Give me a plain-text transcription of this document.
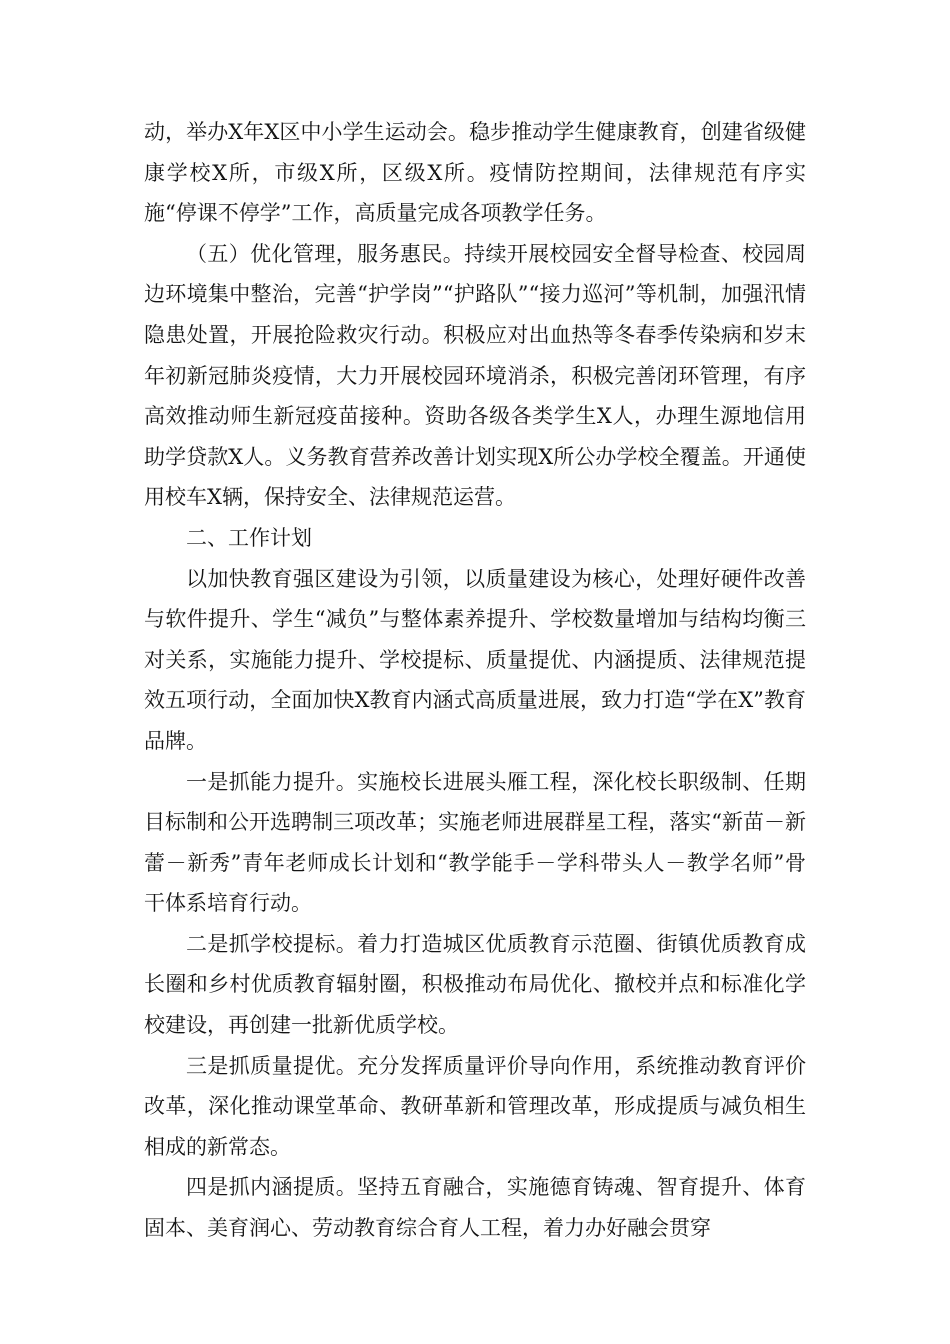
动，举办X年X区中小学生运动会。稳步推动学生健康教育，创建省级健康学校X所，市级X所，区级X所。疫情防控期间，法律规范有序实施“停课不停学”工作，高质量完成各项教学任务。

（五）优化管理，服务惠民。持续开展校园安全督导检查、校园周边环境集中整治，完善“护学岗”“护路队”“接力巡河”等机制，加强汛情隐患处置，开展抢险救灾行动。积极应对出血热等冬春季传染病和岁末年初新冠肺炎疫情，大力开展校园环境消杀，积极完善闭环管理，有序高效推动师生新冠疫苗接种。资助各级各类学生X人，办理生源地信用助学贷款X人。义务教育营养改善计划实现X所公办学校全覆盖。开通使用校车X辆，保持安全、法律规范运营。

二、工作计划

以加快教育强区建设为引领，以质量建设为核心，处理好硬件改善与软件提升、学生“减负”与整体素养提升、学校数量增加与结构均衡三对关系，实施能力提升、学校提标、质量提优、内涵提质、法律规范提效五项行动，全面加快X教育内涵式高质量进展，致力打造“学在X”教育品牌。

一是抓能力提升。实施校长进展头雁工程，深化校长职级制、任期目标制和公开选聘制三项改革；实施老师进展群星工程，落实“新苗－新蕾－新秀”青年老师成长计划和“教学能手－学科带头人－教学名师”骨干体系培育行动。

二是抓学校提标。着力打造城区优质教育示范圈、街镇优质教育成长圈和乡村优质教育辐射圈，积极推动布局优化、撤校并点和标准化学校建设，再创建一批新优质学校。

三是抓质量提优。充分发挥质量评价导向作用，系统推动教育评价改革，深化推动课堂革命、教研革新和管理改革，形成提质与减负相生相成的新常态。

四是抓内涵提质。坚持五育融合，实施德育铸魂、智育提升、体育固本、美育润心、劳动教育综合育人工程，着力办好融会贯穿
